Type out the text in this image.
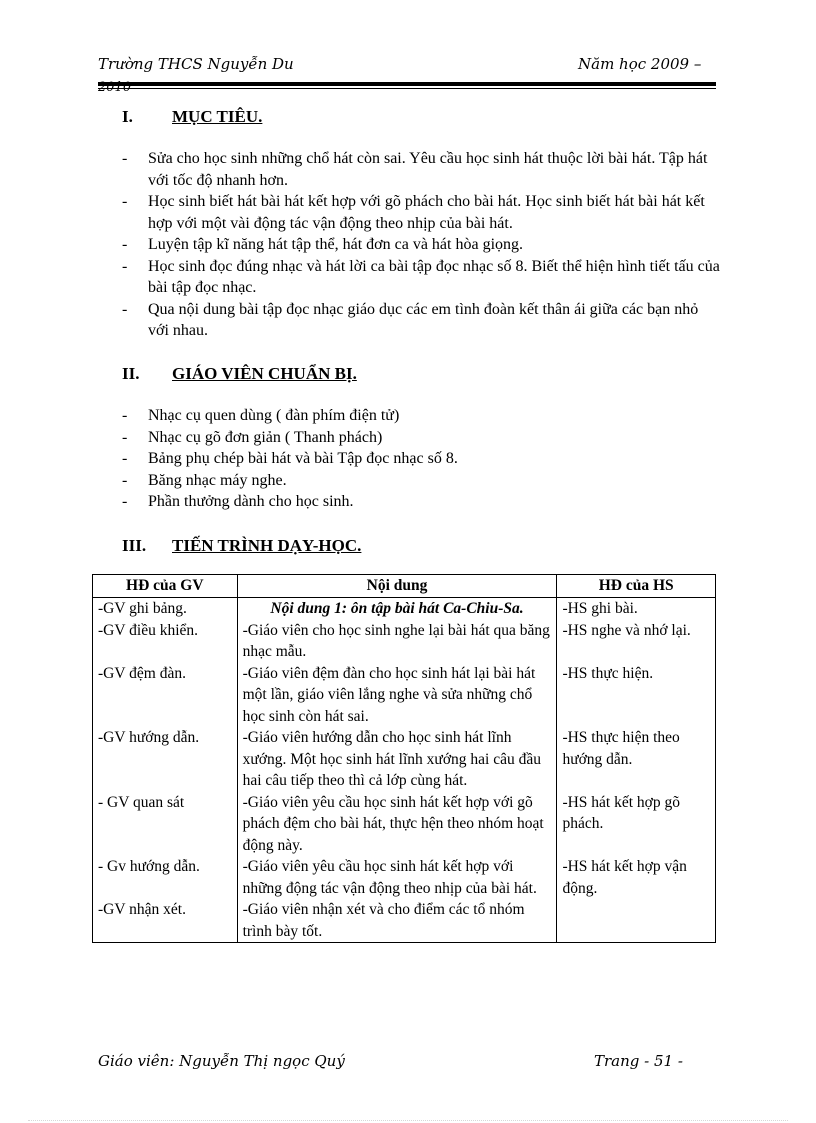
Trường THCS Nguyễn Du	Năm học 2009 –
I. MỤC TIÊU.
- Sửa cho học sinh những chổ hát còn sai. Yêu cầu học sinh hát thuộc lời bài hát. Tập hát với tốc độ nhanh hơn.
- Học sinh biết hát bài hát kết hợp với gõ phách cho bài hát. Học sinh biết hát bài hát kết hợp với một vài động tác vận động theo nhịp của bài hát.
- Luyện tập kĩ năng hát tập thể, hát đơn ca và hát hòa giọng.
- Học sinh đọc đúng nhạc và hát lời ca bài tập đọc nhạc số 8. Biết thể hiện hình tiết tấu của bài tập đọc nhạc.
- Qua nội dung bài tập đọc nhạc giáo dục các em tình đoàn kết thân ái giữa các bạn nhỏ với nhau.
II. GIÁO VIÊN CHUẨN BỊ.
- Nhạc cụ quen dùng ( đàn phím điện tử)
- Nhạc cụ gõ đơn giản ( Thanh phách)
- Bảng phụ chép bài hát và bài Tập đọc nhạc số 8.
- Băng nhạc máy nghe.
- Phần thưởng dành cho học sinh.
III. TIẾN TRÌNH DẠY-HỌC.
HĐ của GV	Nội dung	HĐ của HS
-GV ghi bảng.	Nội dung 1: ôn tập bài hát Ca-Chiu-Sa.	-HS ghi bài.
-GV điều khiển.	-Giáo viên cho học sinh nghe lại bài hát qua băng nhạc mẫu.	-HS nghe và nhớ lại.
-GV đệm đàn.	-Giáo viên đệm đàn cho học sinh hát lại bài hát một lần, giáo viên lắng nghe và sửa những chổ học sinh còn hát sai.	-HS thực hiện.
-GV hướng dẫn.	-Giáo viên hướng dẫn cho học sinh hát lĩnh xướng. Một học sinh hát lĩnh xướng hai câu đầu hai câu tiếp theo thì cả lớp cùng hát.	-HS thực hiện theo hướng dẫn.
- GV quan sát	-Giáo viên yêu cầu học sinh hát kết hợp với gõ phách đệm cho bài hát, thực hện theo nhóm hoạt động này.	-HS hát kết hợp gõ phách.
- Gv hướng dẫn.	-Giáo viên yêu cầu học sinh hát kết hợp với những động tác vận động theo nhịp của bài hát.	-HS hát kết hợp vận động.
-GV nhận xét.	-Giáo viên nhận xét và cho điểm các tổ nhóm trình bày tốt.	
Giáo viên: Nguyễn Thị ngọc Quý	Trang - 51 -
